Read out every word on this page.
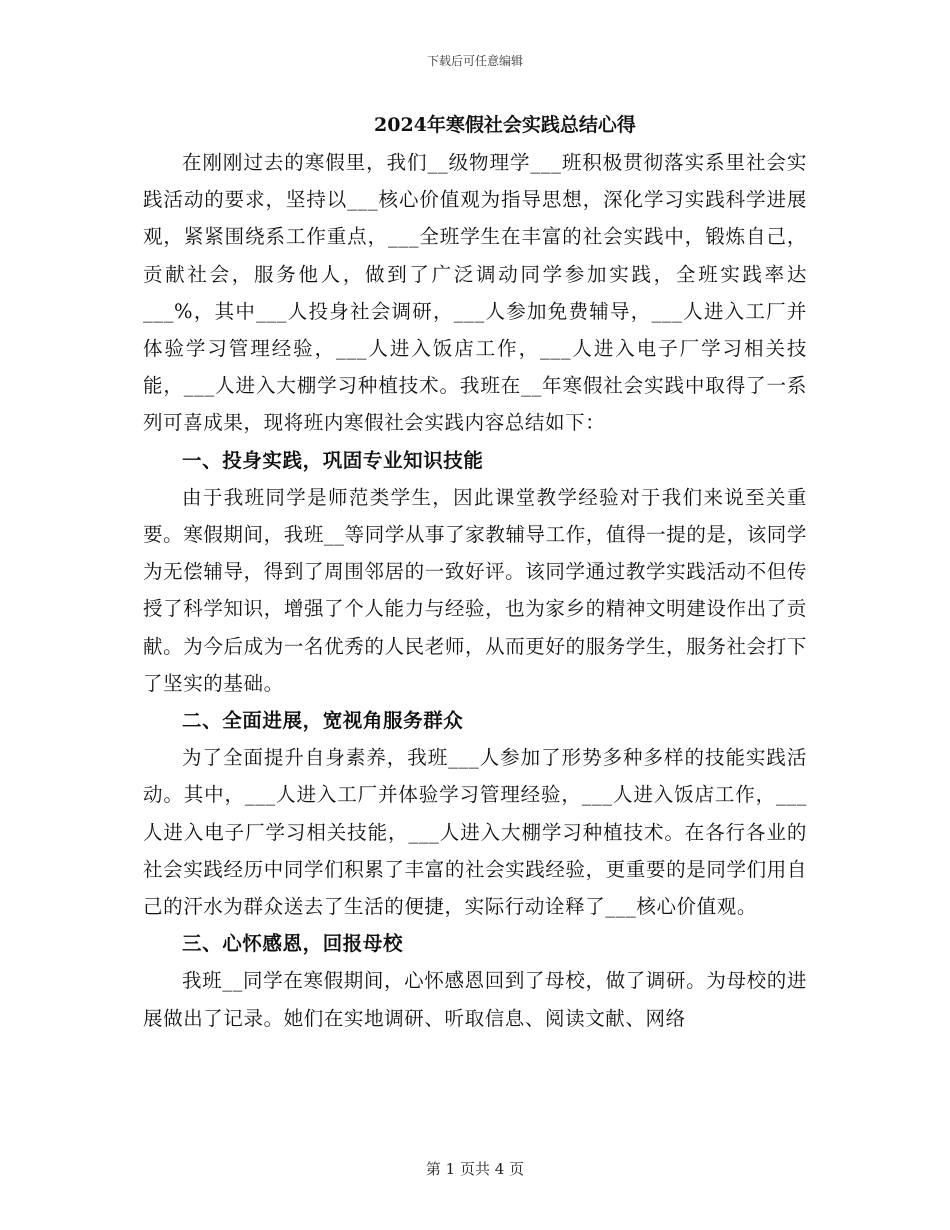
下载后可任意编辑
2024年寒假社会实践总结心得

在刚刚过去的寒假里，我们__级物理学___班积极贯彻落实系里社会实践活动的要求，坚持以___核心价值观为指导思想，深化学习实践科学进展观，紧紧围绕系工作重点，___全班学生在丰富的社会实践中，锻炼自己，贡献社会，服务他人，做到了广泛调动同学参加实践，全班实践率达___%，其中___人投身社会调研，___人参加免费辅导，___人进入工厂并体验学习管理经验，___人进入饭店工作，___人进入电子厂学习相关技能，___人进入大棚学习种植技术。我班在__年寒假社会实践中取得了一系列可喜成果，现将班内寒假社会实践内容总结如下：

一、投身实践，巩固专业知识技能

由于我班同学是师范类学生，因此课堂教学经验对于我们来说至关重要。寒假期间，我班__等同学从事了家教辅导工作，值得一提的是，该同学为无偿辅导，得到了周围邻居的一致好评。该同学通过教学实践活动不但传授了科学知识，增强了个人能力与经验，也为家乡的精神文明建设作出了贡献。为今后成为一名优秀的人民老师，从而更好的服务学生，服务社会打下了坚实的基础。

二、全面进展，宽视角服务群众

为了全面提升自身素养，我班___人参加了形势多种多样的技能实践活动。其中，___人进入工厂并体验学习管理经验，___人进入饭店工作，___人进入电子厂学习相关技能，___人进入大棚学习种植技术。在各行各业的社会实践经历中同学们积累了丰富的社会实践经验，更重要的是同学们用自己的汗水为群众送去了生活的便捷，实际行动诠释了___核心价值观。

三、心怀感恩，回报母校

我班__同学在寒假期间，心怀感恩回到了母校，做了调研。为母校的进展做出了记录。她们在实地调研、听取信息、阅读文献、网络

第 1 页共 4 页
